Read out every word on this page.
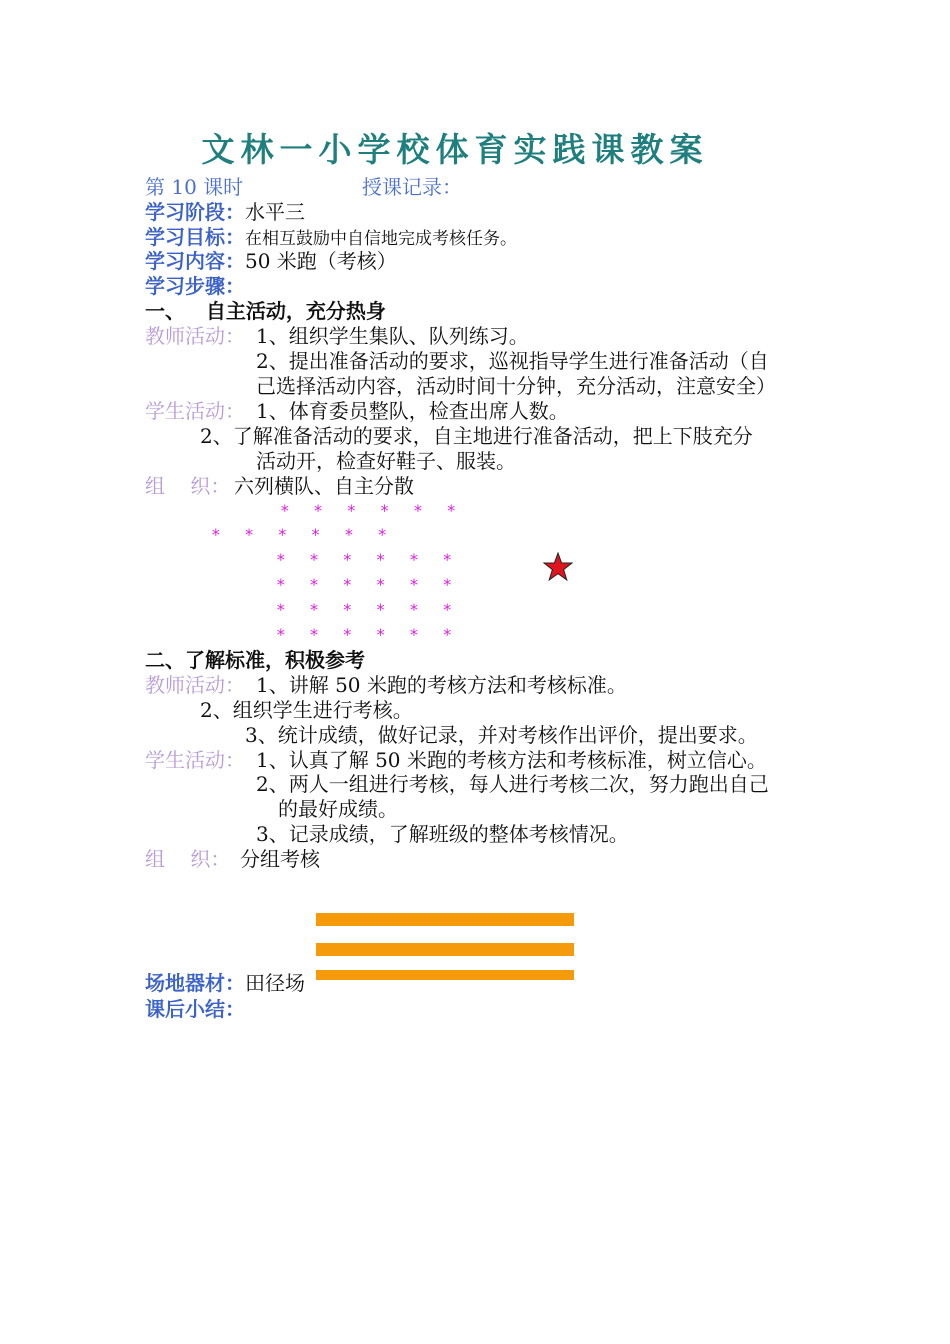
文林一小学校体育实践课教案
第 10 课时	授课记录：
学习阶段：水平三
学习目标：在相互鼓励中自信地完成考核任务。
学习内容：50 米跑（考核）
学习步骤：
一、   自主活动，充分热身
教师活动： 1、组织学生集队、队列练习。
2、提出准备活动的要求，巡视指导学生进行准备活动（自
己选择活动内容，活动时间十分钟，充分活动，注意安全）
学生活动： 1、体育委员整队，检查出席人数。
2、了解准备活动的要求，自主地进行准备活动，把上下肢充分
活动开，检查好鞋子、服装。
组    织： 六列横队、自主分散
* * * * * *
* * * * * *
* * * * * *
* * * * * *
* * * * * *
* * * * * *
二、了解标准，积极参考
教师活动： 1、讲解 50 米跑的考核方法和考核标准。
2、组织学生进行考核。
3、统计成绩，做好记录，并对考核作出评价，提出要求。
学生活动： 1、认真了解 50 米跑的考核方法和考核标准，树立信心。
2、两人一组进行考核，每人进行考核二次，努力跑出自己
的最好成绩。
3、记录成绩，了解班级的整体考核情况。
组    织： 分组考核
场地器材：田径场
课后小结：
